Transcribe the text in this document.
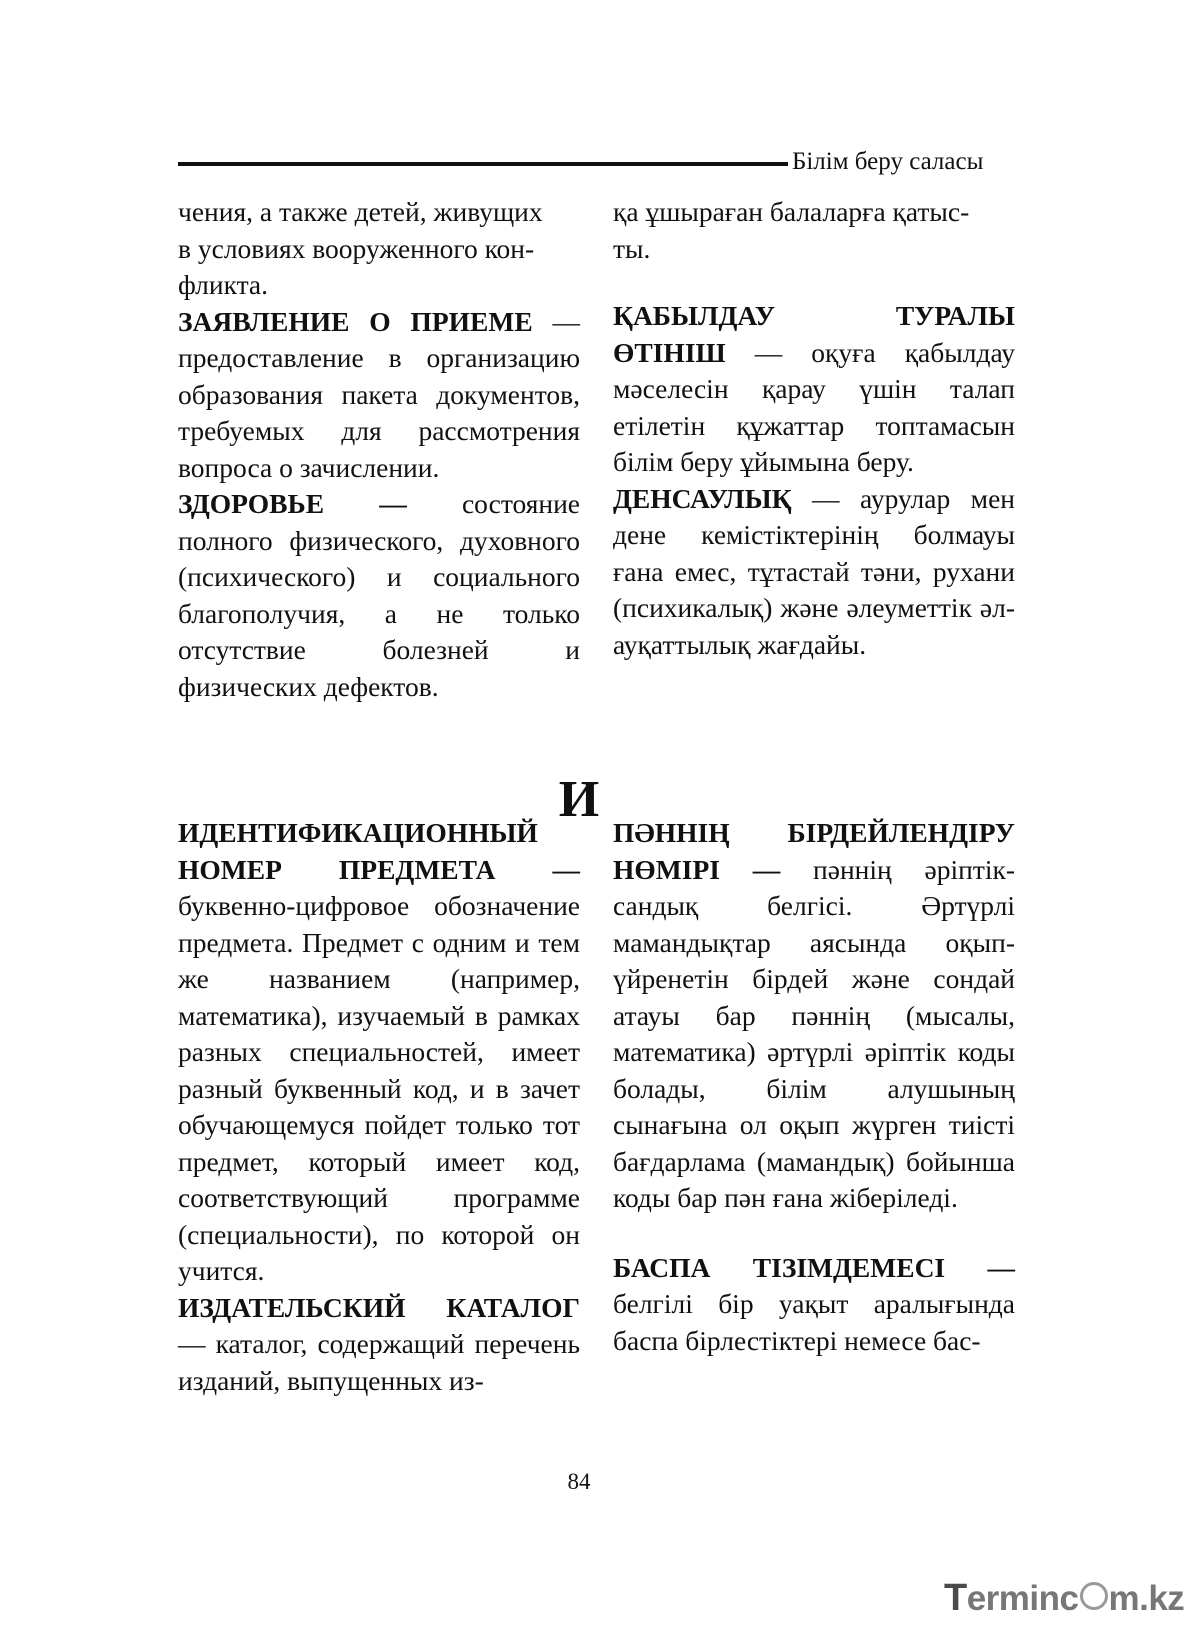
Білім беру саласы

чения, а также детей, живущих
в условиях вооруженного кон-
фликта.

ЗАЯВЛЕНИЕ О ПРИЕМЕ — предоставление в организацию образования пакета документов, требуемых для рассмотрения вопроса о зачислении.

ЗДОРОВЬЕ — состояние полного физического, духовного (психического) и социального благополучия, а не только отсутствие болезней и физических дефектов.

қа ұшыраған балаларға қатыс-
ты.

ҚАБЫЛДАУ ТУРАЛЫ
ӨТІНІШ — оқуға қабылдау мәселесін қарау үшін талап етілетін құжаттар топтамасын білім беру ұйымына беру.

ДЕНСАУЛЫҚ — аурулар мен дене кемістіктерінің болмауы ғана емес, тұтастай тәни, рухани (психикалық) және әлеуметтік әл-ауқаттылық жағдайы.

И

ИДЕНТИФИКАЦИОННЫЙ НОМЕР ПРЕДМЕТА — буквенно-цифровое обозначение предмета. Предмет с одним и тем же названием (например, математика), изучаемый в рамках разных специальностей, имеет разный буквенный код, и в зачет обучающемуся пойдет только тот предмет, который имеет код, соответствующий программе (специальности), по которой он учится.

ИЗДАТЕЛЬСКИЙ КАТАЛОГ — каталог, содержащий перечень изданий, выпущенных из-

ПӘННІҢ БІРДЕЙЛЕНДІРУ НӨМІРІ — пәннің әріптік-сандық белгісі. Әртүрлі мамандықтар аясында оқып-үйренетін бірдей және сондай атауы бар пәннің (мысалы, математика) әртүрлі әріптік коды болады, білім алушының сынағына ол оқып жүрген тиісті бағдарлама (мамандық) бойынша коды бар пән ғана жіберіледі.

БАСПА ТІЗІМДЕМЕСІ — белгілі бір уақыт аралығында баспа бірлестіктері немесе бас-

84
Terminc m.kz
